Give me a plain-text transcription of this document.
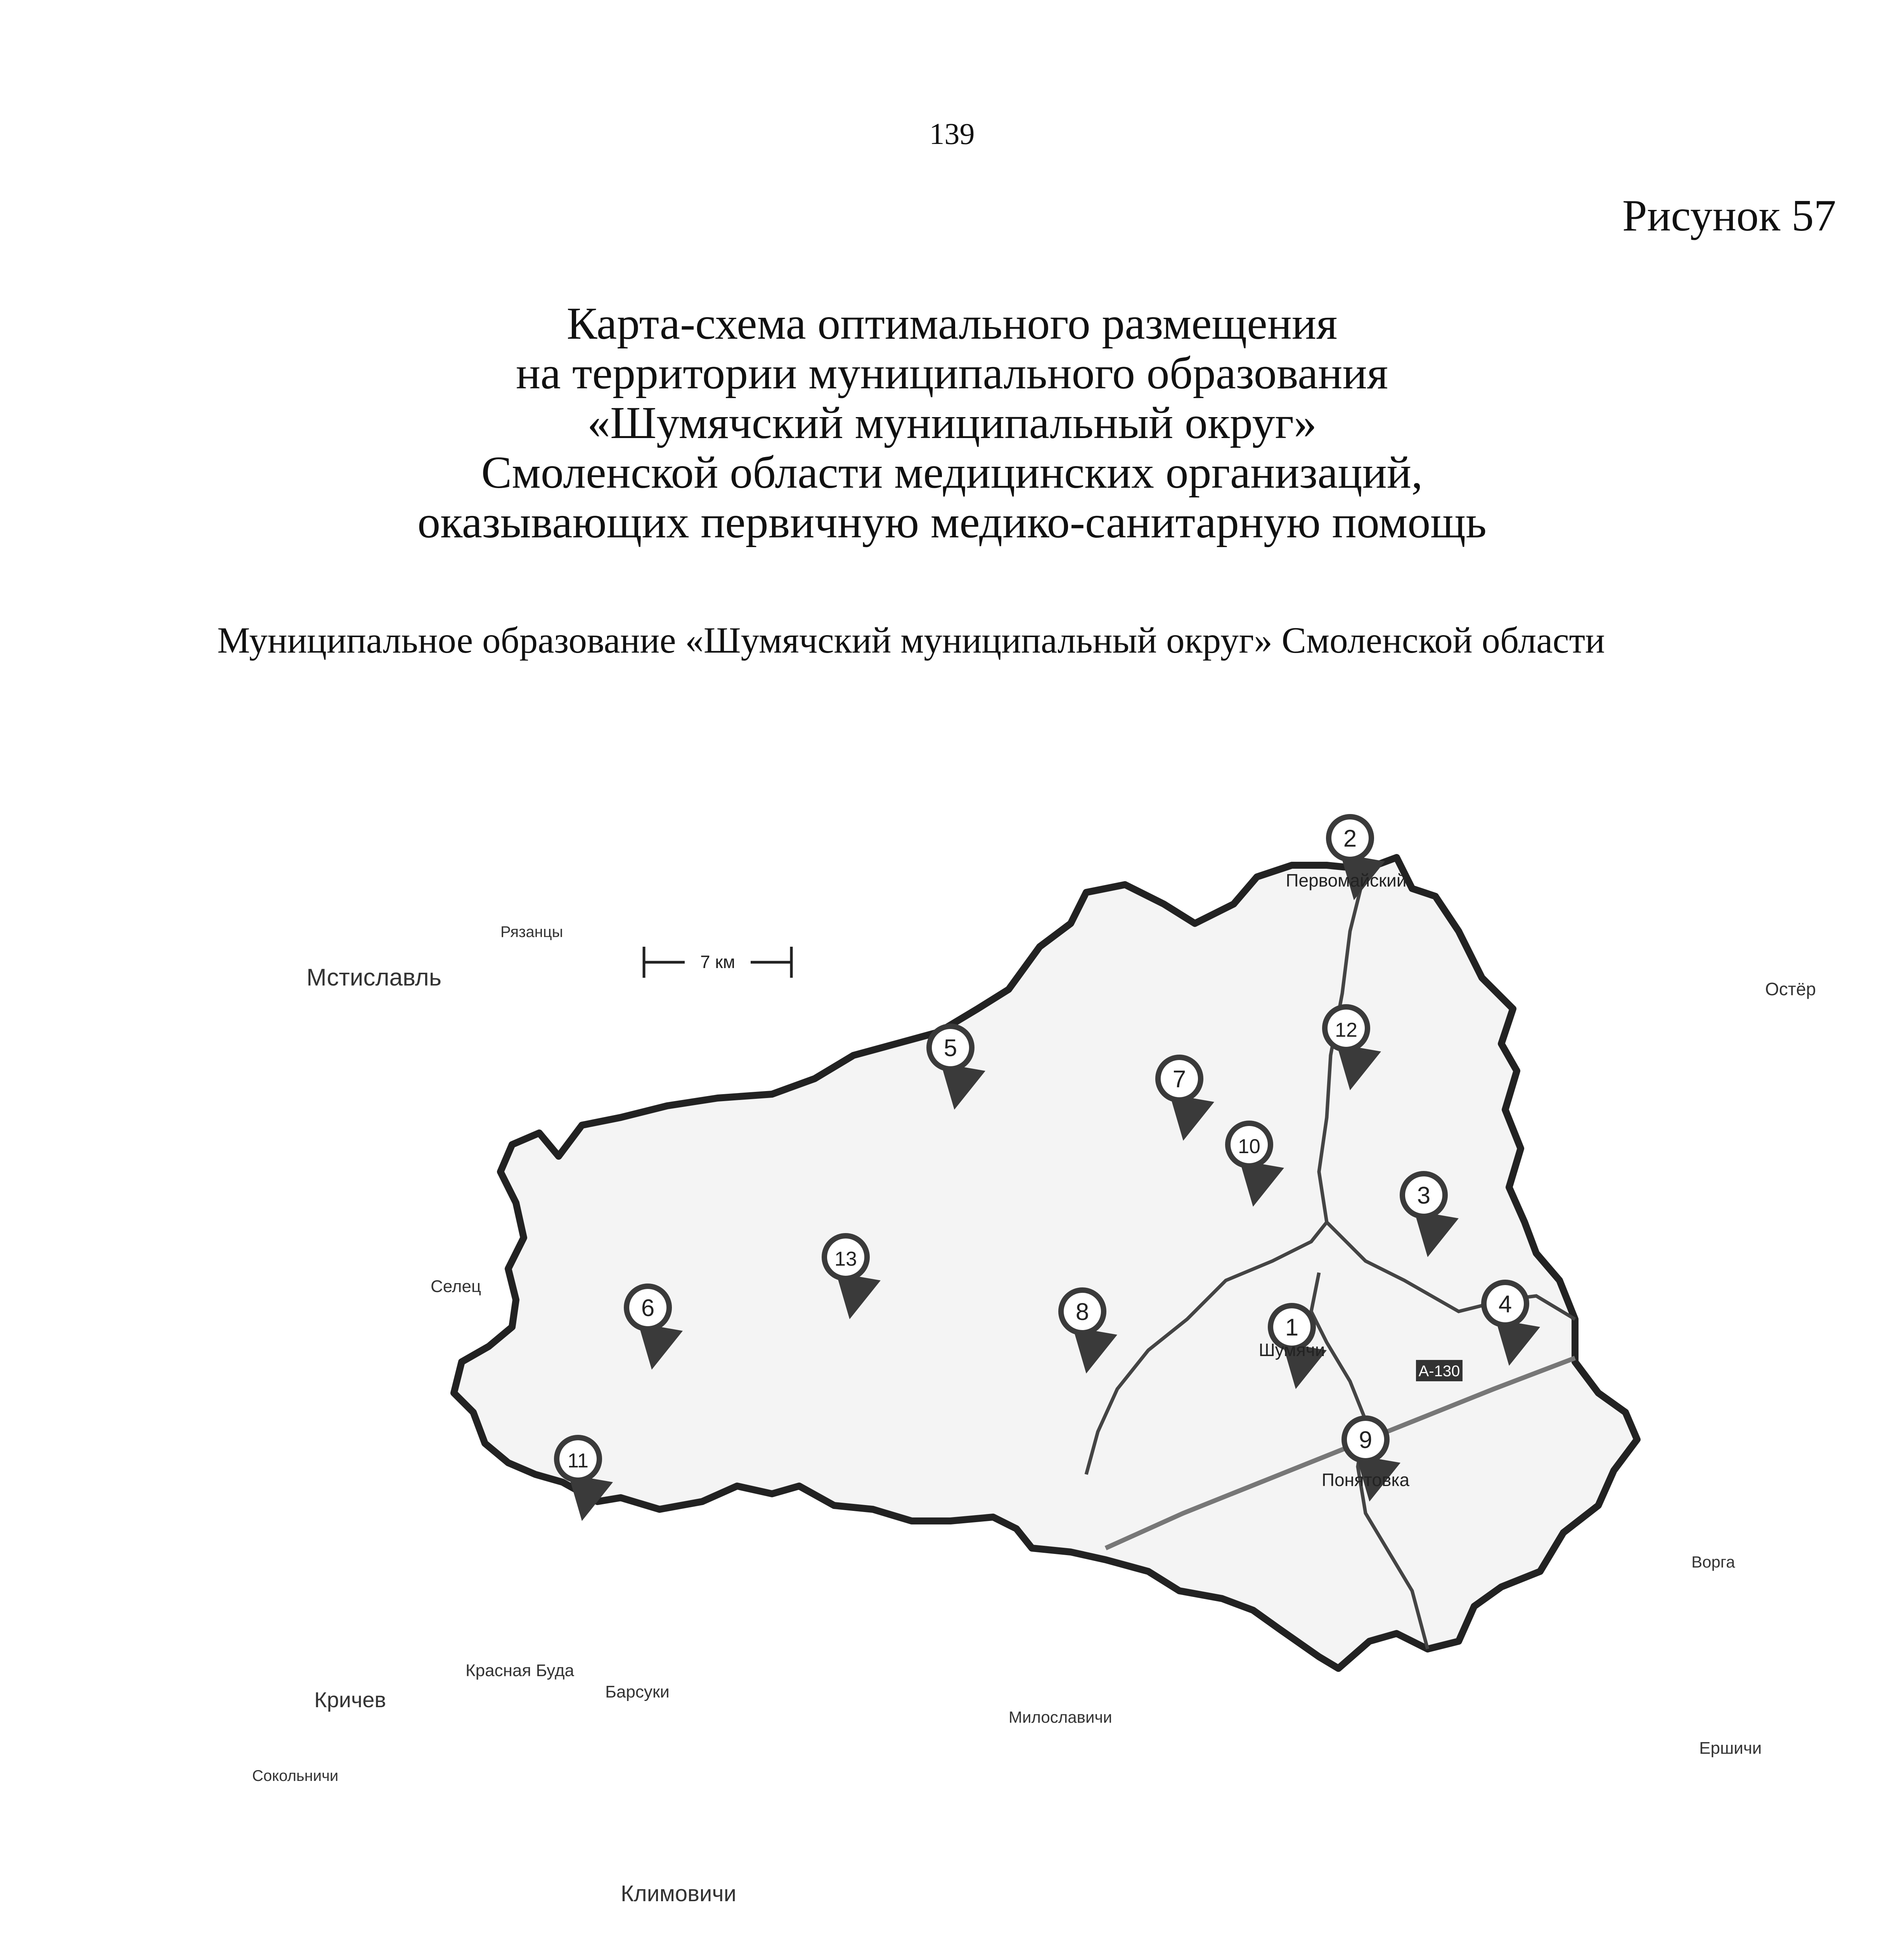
139
Рисунок 57
Карта-схема оптимального размещения
на территории муниципального образования
«Шумячский муниципальный округ»
Смоленской области медицинских организаций,
оказывающих первичную медико-санитарную помощь
Муниципальное образование «Шумячский муниципальный округ» Смоленской области
А-130
7 км
1
Шумячи
2
Первомайский
3
4
5
6
7
8
9
Понятовка
10
11
12
13
Рязанцы
Мстиславль	Остёр
Селец
Ворга
Красная Буда
Барсуки
Кричев
Милославичи
Ершичи
Сокольничи
Климовичи
